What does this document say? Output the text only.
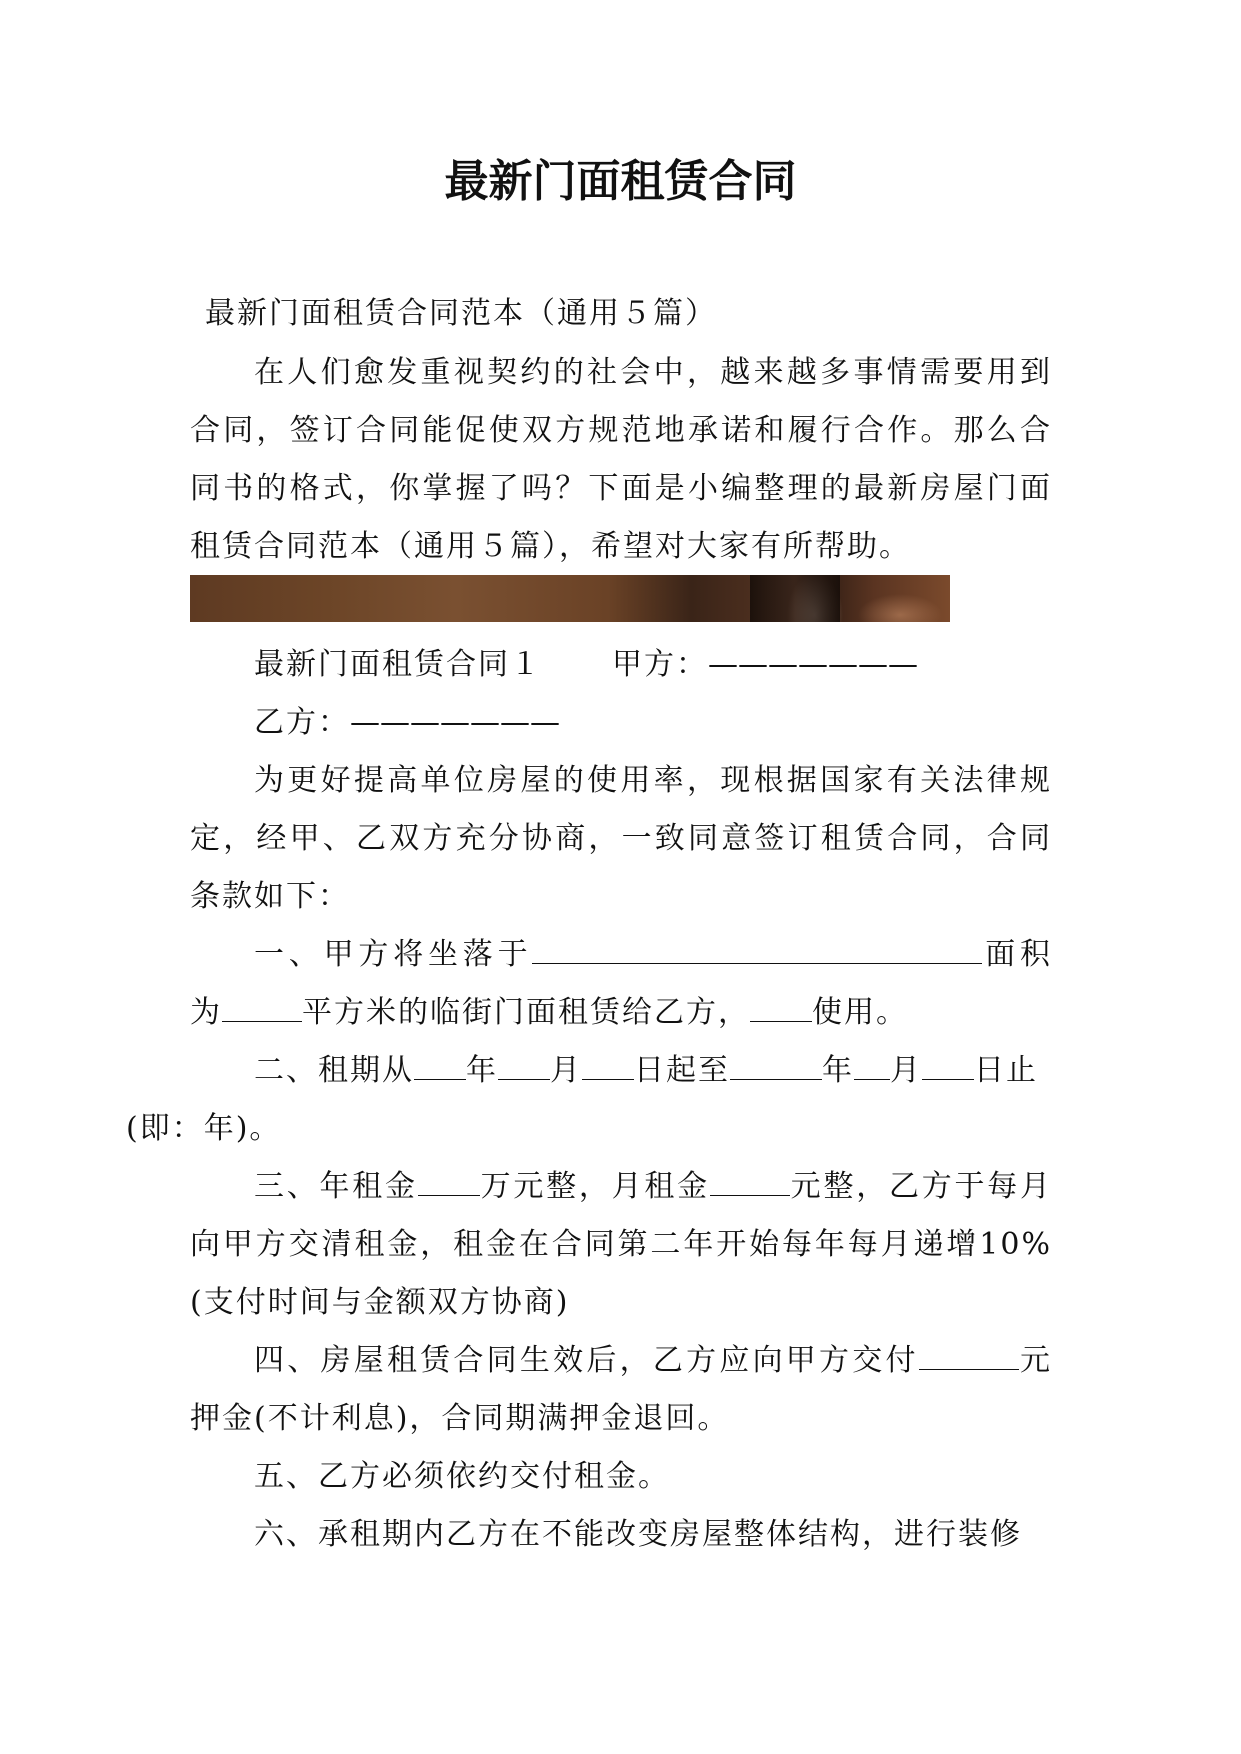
最新门面租赁合同

最新门面租赁合同范本（通用５篇）

在人们愈发重视契约的社会中，越来越多事情需要用到合同，签订合同能促使双方规范地承诺和履行合作。那么合同书的格式，你掌握了吗？下面是小编整理的最新房屋门面租赁合同范本（通用５篇），希望对大家有所帮助。

最新门面租赁合同１ 甲方：———————

乙方：———————

为更好提高单位房屋的使用率，现根据国家有关法律规定，经甲、乙双方充分协商，一致同意签订租赁合同，合同条款如下：

一、甲方将坐落于	面积为	平方米的临街门面租赁给乙方， 使用。

二、租期从 年 月 日起至	年 月 日止
(即：年)。

三、年租金 万元整，月租金	元整，乙方于每月向甲方交清租金，租金在合同第二年开始每年每月递增10%(支付时间与金额双方协商)

四、房屋租赁合同生效后，乙方应向甲方交付	元押金(不计利息)，合同期满押金退回。

五、乙方必须依约交付租金。

六、承租期内乙方在不能改变房屋整体结构，进行装修
